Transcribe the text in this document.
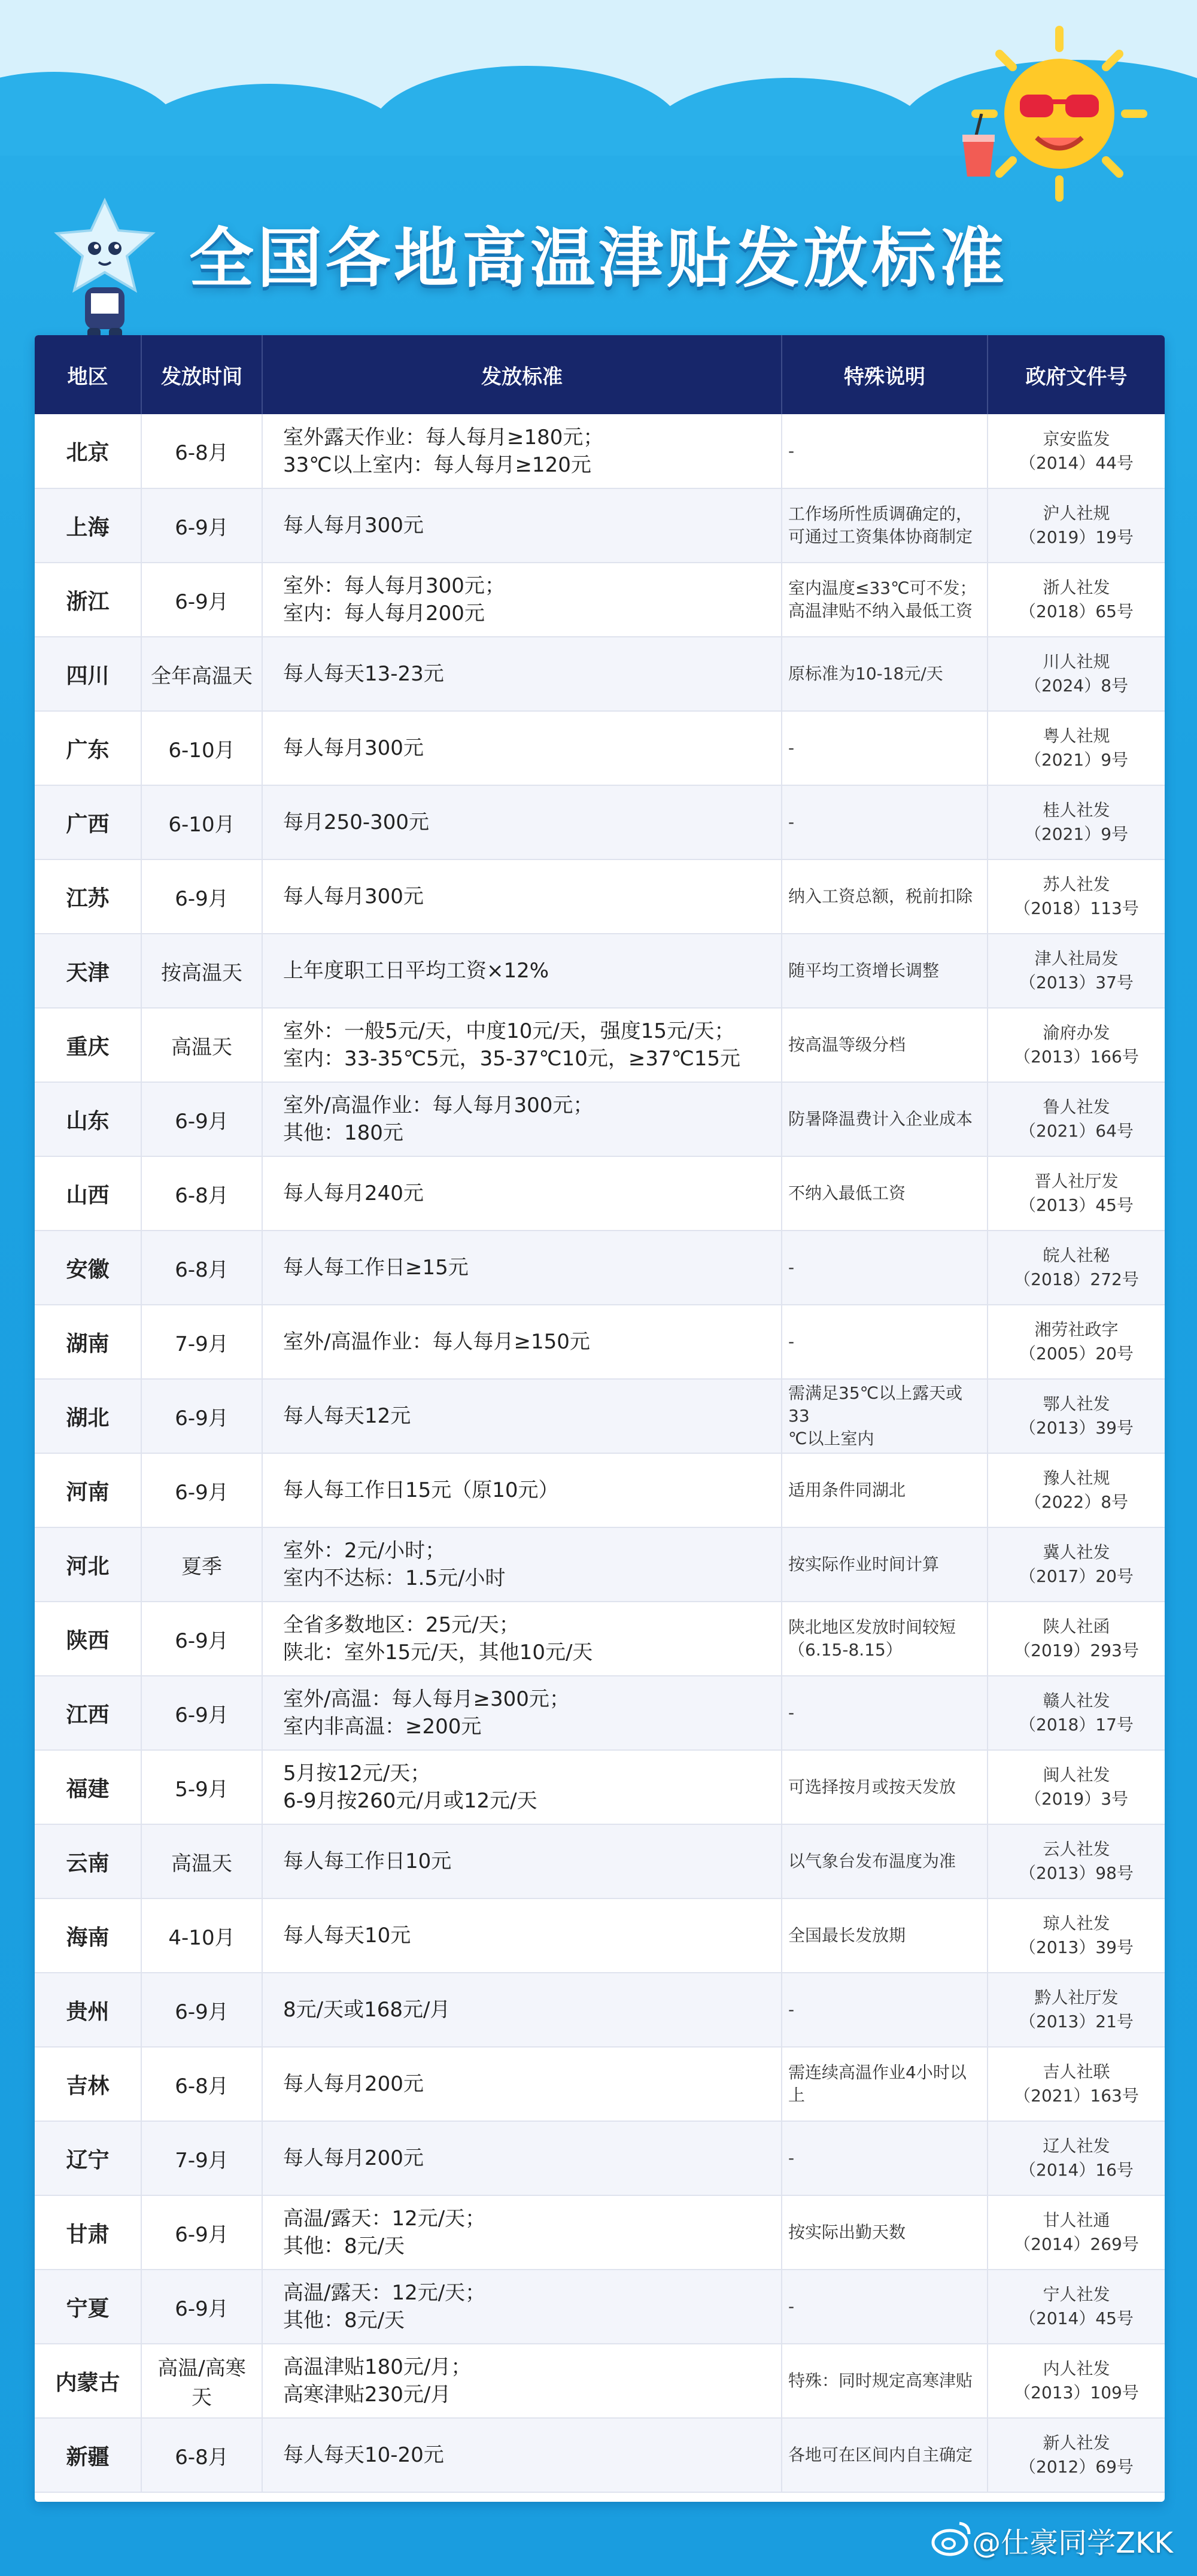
全国各地高温津贴发放标准
地区	发放时间	发放标准	特殊说明	政府文件号
北京	6-8月	室外露天作业：每人每月≥180元；
33℃以上室内：每人每月≥120元	-	京安监发
（2014）44号
上海	6-9月	每人每月300元	工作场所性质调确定的，
可通过工资集体协商制定	沪人社规
（2019）19号
浙江	6-9月	室外：每人每月300元；
室内：每人每月200元	室内温度≤33℃可不发；
高温津贴不纳入最低工资	浙人社发
（2018）65号
四川	全年高温天	每人每天13-23元	原标准为10-18元/天	川人社规
（2024）8号
广东	6-10月	每人每月300元	-	粤人社规
（2021）9号
广西	6-10月	每月250-300元	-	桂人社发
（2021）9号
江苏	6-9月	每人每月300元	纳入工资总额，税前扣除	苏人社发
（2018）113号
天津	按高温天	上年度职工日平均工资×12%	随平均工资增长调整	津人社局发
（2013）37号
重庆	高温天	室外：一般5元/天，中度10元/天，强度15元/天；
室内：33-35℃5元，35-37℃10元，≥37℃15元	按高温等级分档	渝府办发
（2013）166号
山东	6-9月	室外/高温作业：每人每月300元；
其他：180元	防暑降温费计入企业成本	鲁人社发
（2021）64号
山西	6-8月	每人每月240元	不纳入最低工资	晋人社厅发
（2013）45号
安徽	6-8月	每人每工作日≥15元	-	皖人社秘
（2018）272号
湖南	7-9月	室外/高温作业：每人每月≥150元	-	湘劳社政字
（2005）20号
湖北	6-9月	每人每天12元	需满足35℃以上露天或33
℃以上室内	鄂人社发
（2013）39号
河南	6-9月	每人每工作日15元（原10元）	适用条件同湖北	豫人社规
（2022）8号
河北	夏季	室外：2元/小时；
室内不达标：1.5元/小时	按实际作业时间计算	冀人社发
（2017）20号
陕西	6-9月	全省多数地区：25元/天；
陕北：室外15元/天，其他10元/天	陕北地区发放时间较短
（6.15-8.15）	陕人社函
（2019）293号
江西	6-9月	室外/高温：每人每月≥300元；
室内非高温：≥200元	-	赣人社发
（2018）17号
福建	5-9月	5月按12元/天；
6-9月按260元/月或12元/天	可选择按月或按天发放	闽人社发
（2019）3号
云南	高温天	每人每工作日10元	以气象台发布温度为准	云人社发
（2013）98号
海南	4-10月	每人每天10元	全国最长发放期	琼人社发
（2013）39号
贵州	6-9月	8元/天或168元/月	-	黔人社厅发
（2013）21号
吉林	6-8月	每人每月200元	需连续高温作业4小时以上	吉人社联
（2021）163号
辽宁	7-9月	每人每月200元	-	辽人社发
（2014）16号
甘肃	6-9月	高温/露天：12元/天；
其他：8元/天	按实际出勤天数	甘人社通
（2014）269号
宁夏	6-9月	高温/露天：12元/天；
其他：8元/天	-	宁人社发
（2014）45号
内蒙古	高温/高寒天	高温津贴180元/月；
高寒津贴230元/月	特殊：同时规定高寒津贴	内人社发
（2013）109号
新疆	6-8月	每人每天10-20元	各地可在区间内自主确定	新人社发
（2012）69号
@仕豪同学ZKK
